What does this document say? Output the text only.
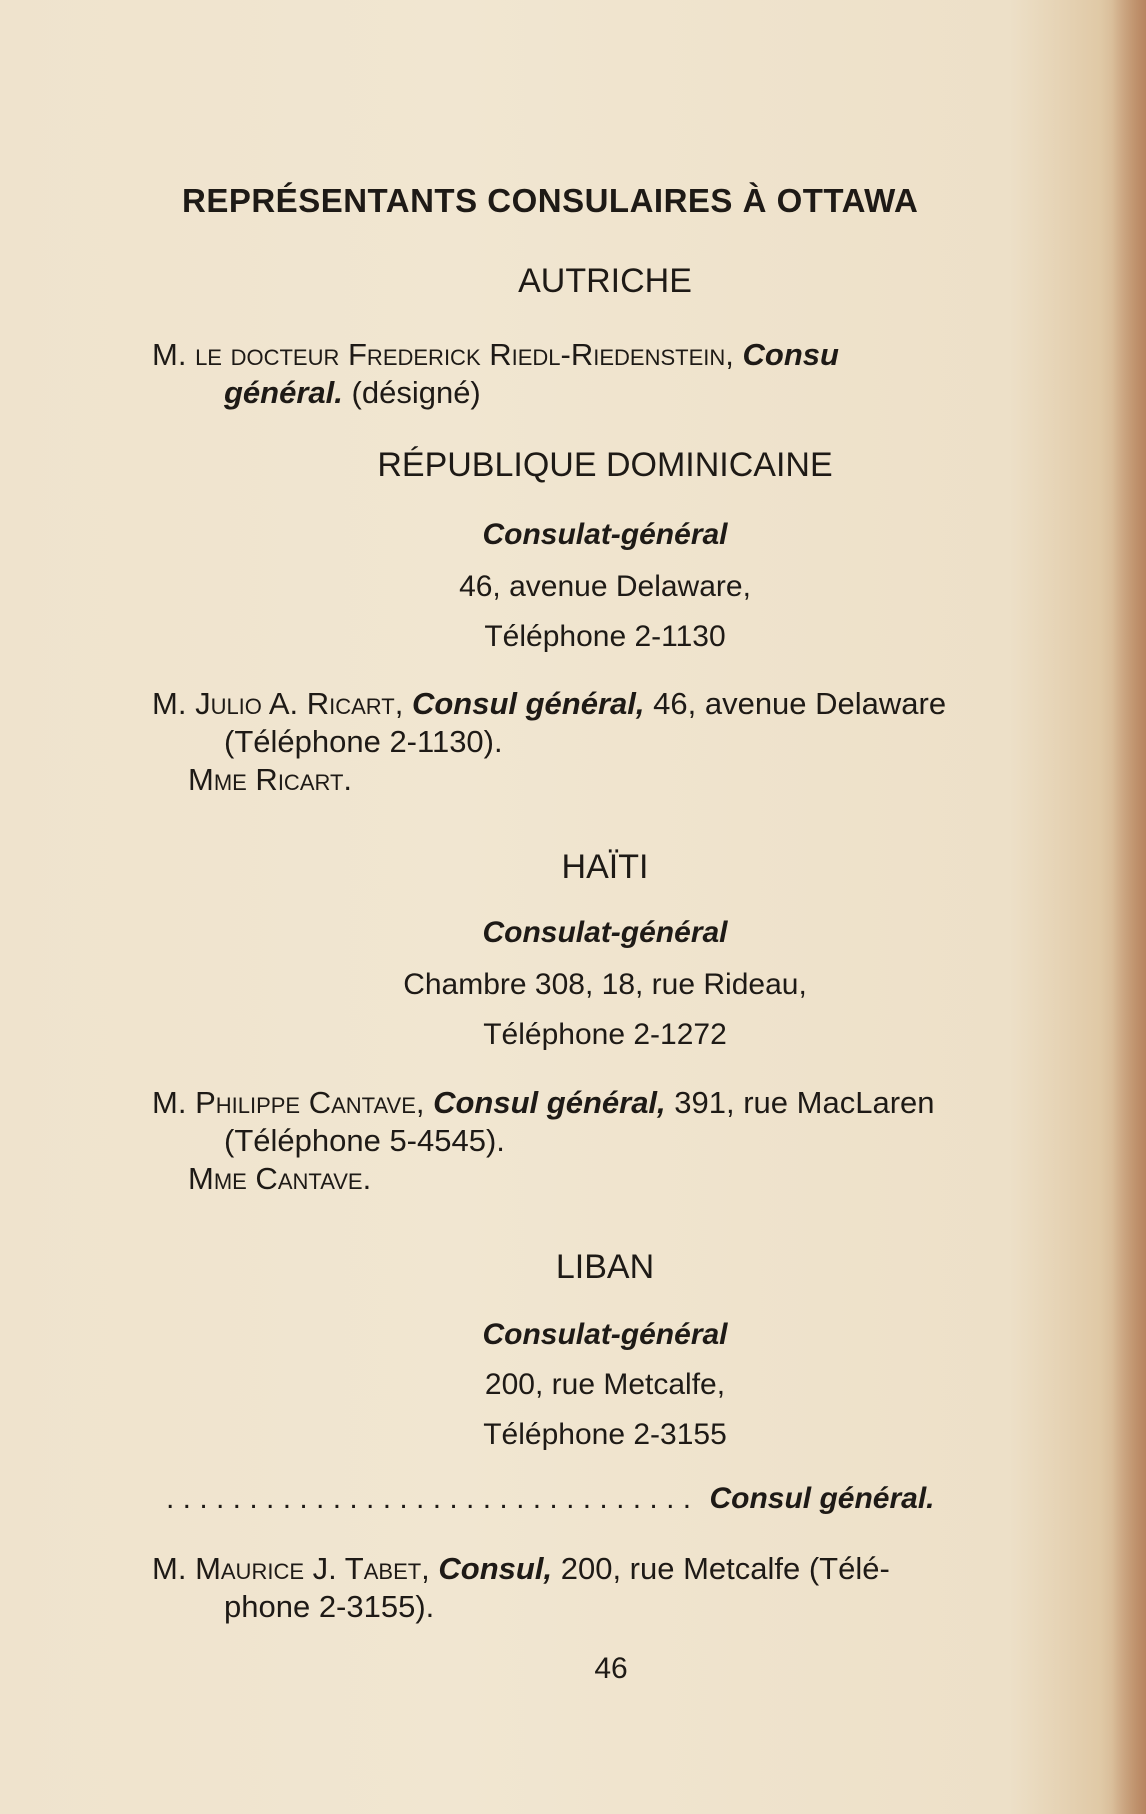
REPRÉSENTANTS CONSULAIRES À OTTAWA
AUTRICHE
M. le docteur Frederick Riedl-Riedenstein, Consu
général. (désigné)
RÉPUBLIQUE DOMINICAINE
Consulat-général
46, avenue Delaware,
Téléphone 2-1130
M. Julio A. Ricart, Consul général, 46, avenue Delaware
(Téléphone 2-1130).
Mme Ricart.
HAÏTI
Consulat-général
Chambre 308, 18, rue Rideau,
Téléphone 2-1272
M. Philippe Cantave, Consul général, 391, rue MacLaren
(Téléphone 5-4545).
Mme Cantave.
LIBAN
Consulat-général
200, rue Metcalfe,
Téléphone 2-3155
. . . . . . . . . . . . . . . . . . . . . . . . . . . . . . . . Consul général.
M. Maurice J. Tabet, Consul, 200, rue Metcalfe (Télé-
phone 2-3155).
46
